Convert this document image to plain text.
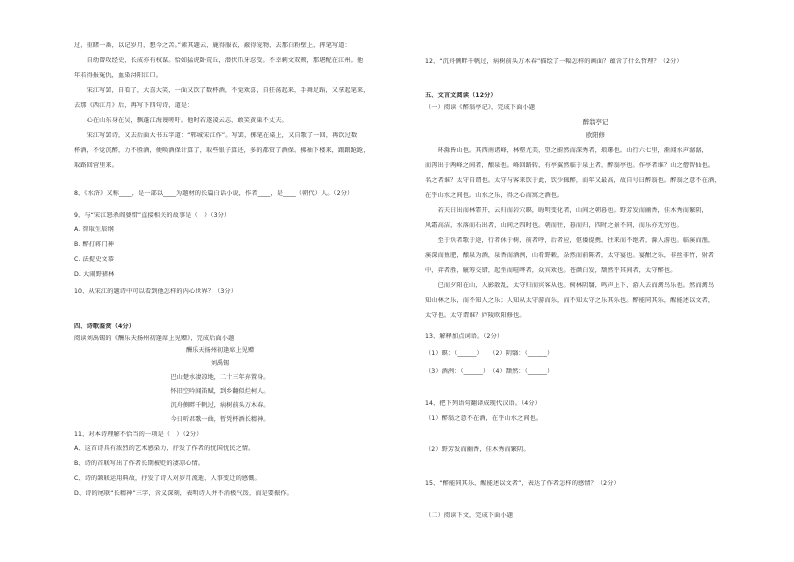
过，重睹一番，以记岁月，想今之苦。”素其题云，鹿得服衣，蔽得宠物，去那白粉壁上，挥笔写道：
　　自幼曾攻经史，长成亦有权谋。恰如猛虎卧荒丘，潜伏爪牙忍受。不幸刺文双颊，那堪配在江州。他
年若得报冤仇，血染浔阳江口。
　　宋江写罢，自看了，大喜大笑，一面又饮了数杯酒，不觉欢喜，自狂荡起来，手舞足蹈，又拿起笔来，
去那《西江月》后，再写下四句诗，道是：
　　心在山东身在吴，飘蓬江海谩嗟吁。他时若遂凌云志，敢笑黄巢不丈夫。
　　宋江写罢诗，又去后面大书五字道：“郓城宋江作”。写罢，掷笔在桌上，又自歌了一回，再饮过数
杯酒，不觉沉醉，力不胜酒，便唤酒保计算了，取些银子算还，多的都赏了酒保。拂袖下楼来，踉踉跄跄，
取路回营里来。
8、《水浒》又称____，是一部以____为题材的长篇白话小说，作者____，是____（朝代）人。（2分）
9、与“宋江怒杀阎婆惜”直接相关的故事是（　）（3分）
A. 智取生辰纲
B. 醉打蒋门神
C. 法捉史文恭
D. 大闹野猪林
10、从宋江的题诗中可以看到他怎样的内心世界？（3分）
四、诗歌鉴赏（4分）
阅读刘禹锡的《酬乐天扬州初逢席上见赠》，完成后面小题
酬乐天扬州初逢席上见赠
刘禹锡
巴山楚水凄凉地，二十三年弃置身。
怀旧空吟闻笛赋，到乡翻似烂柯人。
沉舟侧畔千帆过，病树前头万木春。
今日听君歌一曲，暂凭杯酒长精神。
11、对本诗理解不恰当的一项是（　）（2分）
A、这首诗具有浓烈的艺术感染力，抒发了作者的忧国忧民之情。
B、诗的首联写出了作者长期被贬的凄凉心情。
C、诗的颔联运用典故，抒发了诗人对岁月流逝、人事变迁的感慨。
D、诗的尾联“长精神”三字，含义深刻，表明诗人并不消极气馁，而是要振作。
12、“沉舟侧畔千帆过，病树前头万木春”描绘了一幅怎样的画面？蕴含了什么哲理？（2分）
五、文言文阅读（12分）
（一）阅读《醉翁亭记》，完成下面小题
醉翁亭记
欧阳修
　　环滁皆山也。其西南诸峰，林壑尤美，望之蔚然而深秀者，琅琊也。山行六七里，渐闻水声潺潺，
而泻出于两峰之间者，酿泉也。峰回路转，有亭翼然临于泉上者，醉翁亭也。作亭者谁？山之僧智仙也。
名之者谁？太守自谓也。太守与客来饮于此，饮少辄醉，而年又最高，故自号曰醉翁也。醉翁之意不在酒，
在乎山水之间也。山水之乐，得之心而寓之酒也。
　　若夫日出而林霏开，云归而岩穴暝，晦明变化者，山间之朝暮也。野芳发而幽香，佳木秀而繁阴，
风霜高洁，水落而石出者，山间之四时也。朝而往，暮而归，四时之景不同，而乐亦无穷也。
　　至于负者歌于途，行者休于树，前者呼，后者应，伛偻提携，往来而不绝者，滁人游也。临溪而渔，
溪深而鱼肥，酿泉为酒，泉香而酒洌，山肴野蔌，杂然而前陈者，太守宴也。宴酣之乐，非丝非竹，射者
中，弈者胜，觥筹交错，起坐而喧哗者，众宾欢也。苍颜白发，颓然乎其间者，太守醉也。
　　已而夕阳在山，人影散乱，太守归而宾客从也。树林阴翳，鸣声上下，游人去而禽鸟乐也。然而禽鸟
知山林之乐，而不知人之乐；人知从太守游而乐，而不知太守之乐其乐也。醉能同其乐，醒能述以文者，
太守也。太守谓谁？庐陵欧阳修也。
13、解释加点词语。（2分）
（1）暝：（______）　　（2）阴翳：（______）
（3）酒洌：（______）　（4）颓然：（______）
14、把下列语句翻译成现代汉语。（4分）
（1）醉翁之意不在酒，在乎山水之间也。
（2）野芳发而幽香，佳木秀而繁阴。
15、“醉能同其乐，醒能述以文者”，表达了作者怎样的感情？（2分）
（二）阅读下文，完成下面小题
